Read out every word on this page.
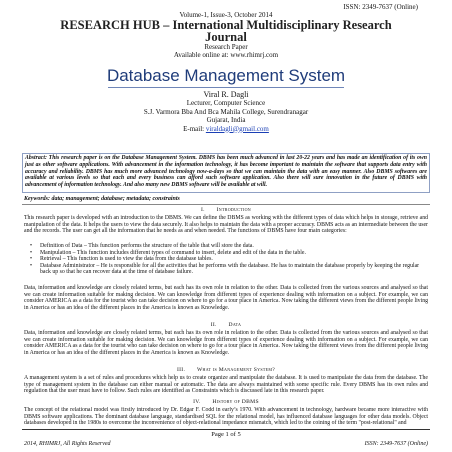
ISSN: 2349-7637 (Online)
Volume-1, Issue-3, October 2014
RESEARCH HUB – International Multidisciplinary Research
Journal
Research Paper
Available online at: www.rhimrj.com
Database Management System
Viral R. Dagli
Lecturer, Computer Science
S.J. Varmora Bba And Bca Mahila College, Surendranagar
Gujarat, India
E-mail: viraldagli@gmail.com
Abstract: This research paper is on the Database Management System. DBMS has been much advanced in last 20-22 years and has made an identification of its own just as other software applications. With advancement in the information technology, it has become important to maintain the software that supports data entry with accuracy and reliability. DBMS has much more advanced technology now-a-days so that we can maintain the data with an easy manner. Also DBMS softwares are available at various levels so that each and every business can afford such software application. Also there will sure innovation in the future of DBMS with advancement of information technology. And also many new DBMS software will be available at will.
Keywords: data; management; database; metadata; constraints
I.  Introduction
This research paper is developed with an introduction to the DBMS. We can define the DBMS as working with the different types of data which helps in storage, retrieve and manipulation of the data. It helps the users to view the data securely. It also helps to maintain the data with a proper accuracy. DBMS acts as an intermediate between the user and the records. The user can get all the information that he needs as and when needed. The functions of DBMS have four main categories:
• Definition of Data – This function performs the structure of the table that will store the data.
• Manipulation – This function includes different types of command to insert, delete and edit of the data in the table.
• Retrieval – This function is used to view the data from the database tables.
• Database Administrator – He is responsible for all the activities that he performs with the database. He has to maintain the database properly by keeping the regular back up so that he can recover data at the time of database failure.
Data, information and knowledge are closely related terms, but each has its own role in relation to the other. Data is collected from the various sources and analysed so that we can create information suitable for making decision. We can knowledge from different types of experience dealing with information on a subject. For example, we can consider AMERICA as a data for the tourist who can take decision on where to go for a tour place in America. Now taking the different views from the different people living in America or has an idea of the different places in the America is known as Knowledge.
II.  Data
Data, information and knowledge are closely related terms, but each has its own role in relation to the other. Data is collected from the various sources and analysed so that we can create information suitable for making decision. We can knowledge from different types of experience dealing with information on a subject. For example, we can consider AMERICA as a data for the tourist who can take decision on where to go for a tour place in America. Now taking the different views from the different people living in America or has an idea of the different places in the America is known as Knowledge.
III.  What is Management System?
A management system is a set of rules and procedures which help us to create organize and manipulate the database. It is used to manipulate the data from the database. The type of management system in the database can either manual or automatic. The data are always maintained with some specific rule. Every DBMS has its own rules and regulation that the user must have to follow. Such rules are identified as Constraints which is discussed late in this research paper.
IV.  History of DBMS
The concept of the relational model was firstly introduced by Dr. Edgar F. Codd in early’s 1970. With advancement in technology, hardware became more interactive with DBMS software applications. The dominant database language, standardised SQL for the relational model, has influenced database languages for other data models. Object databases developed in the 1980s to overcome the inconvenience of object-relational impedance mismatch, which led to the coining of the term "post-relational" and
Page 1 of 5
2014, RHIMRJ, All Rights Reserved	ISSN: 2349-7637 (Online)
